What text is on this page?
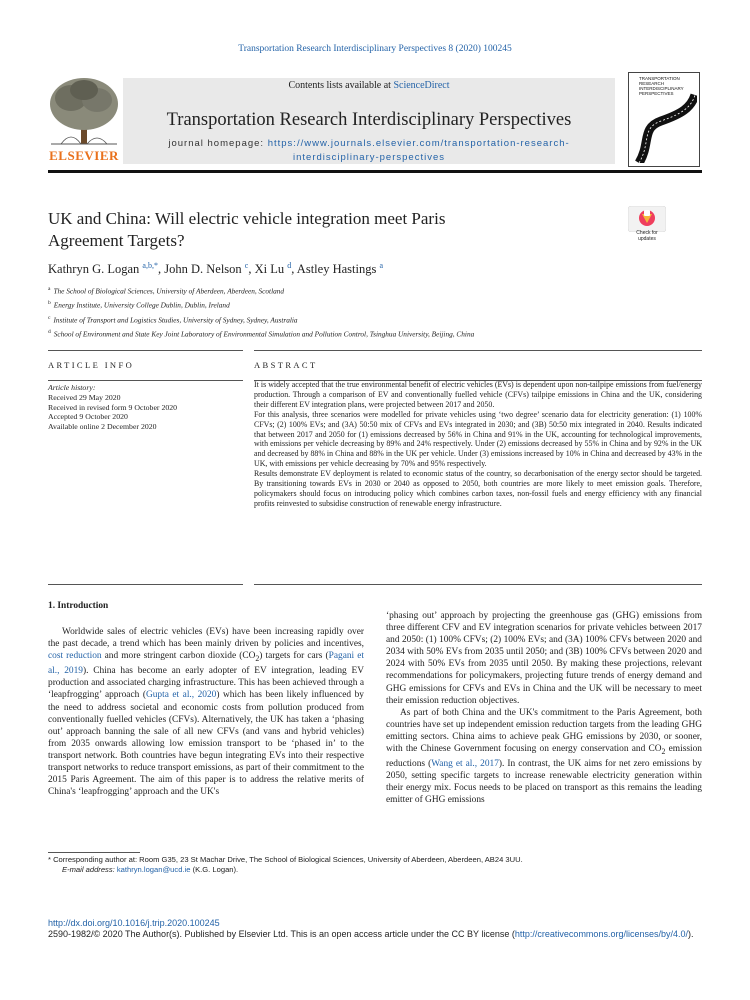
Transportation Research Interdisciplinary Perspectives 8 (2020) 100245
ELSEVIER
Contents lists available at ScienceDirect
Transportation Research Interdisciplinary Perspectives
journal homepage: https://www.journals.elsevier.com/transportation-research-
interdisciplinary-perspectives
TRANSPORTATION RESEARCH INTERDISCIPLINARY PERSPECTIVES
UK and China: Will electric vehicle integration meet Paris
Agreement Targets?	Check for updates
Kathryn G. Logan $^{a,b,*}$, John D. Nelson $^c$, Xi Lu $^d$, Astley Hastings $^a$
$^a$ The School of Biological Sciences, University of Aberdeen, Aberdeen, Scotland
$^b$ Energy Institute, University College Dublin, Dublin, Ireland
$^c$ Institute of Transport and Logistics Studies, University of Sydney, Sydney, Australia
$^d$ School of Environment and State Key Joint Laboratory of Environmental Simulation and Pollution Control, Tsinghua University, Beijing, China
ARTICLE INFO	ABSTRACT
Article history:
Received 29 May 2020
Received in revised form 9 October 2020
Accepted 9 October 2020
Available online 2 December 2020

It is widely accepted that the true environmental benefit of electric vehicles (EVs) is dependent upon non-tailpipe emissions from fuel/energy production. Through a comparison of EV and conventionally fuelled vehicle (CFVs) tailpipe emissions in China and the UK, considering their different EV integration plans, were projected between 2017 and 2050.

For this analysis, three scenarios were modelled for private vehicles using ‘two degree’ scenario data for electricity generation: (1) 100% CFVs; (2) 100% EVs; and (3A) 50:50 mix of CFVs and EVs integrated in 2030; and (3B) 50:50 mix integrated in 2040. Results indicated that between 2017 and 2050 for (1) emissions decreased by 56% in China and 91% in the UK, accounting for technological improvements, with emissions per vehicle decreasing by 89% and 24% respectively. Under (2) emissions decreased by 55% in China and by 92% in the UK and decreased by 88% in China and 88% in the UK per vehicle. Under (3) emissions increased by 10% in China and decreased by 43% in the UK, with emissions per vehicle decreasing by 70% and 95% respectively.

Results demonstrate EV deployment is related to economic status of the country, so decarbonisation of the energy sector should be targeted. By transitioning towards EVs in 2030 or 2040 as opposed to 2050, both countries are more likely to meet emission goals. Therefore, policymakers should focus on introducing policy which combines carbon taxes, non-fossil fuels and energy efficiency with any financial profits reinvested to subsidise construction of renewable energy infrastructure.

1. Introduction

Worldwide sales of electric vehicles (EVs) have been increasing rapidly over the past decade, a trend which has been mainly driven by policies and incentives, cost reduction and more stringent carbon dioxide $(CO_2)$ targets for cars (Pagani et al., 2019). China has become an early adopter of EV integration, leading EV production and associated charging infrastructure. This has been achieved through a ‘leapfrogging’ approach (Gupta et al., 2020) which has been likely influenced by the need to address societal and economic costs from pollution produced from conventionally fuelled vehicles (CFVs). Alternatively, the UK has taken a ‘phasing out’ approach banning the sale of all new CFVs (and vans and hybrid vehicles) from 2035 onwards allowing low emission transport to be ‘phased in’ to the transport network. Both countries have begun integrating EVs into their respective transport networks to reduce transport emissions, as part of their commitment to the 2015 Paris Agreement. The aim of this paper is to address the relative merits of China's ‘leapfrogging’ approach and the UK's

‘phasing out’ approach by projecting the greenhouse gas (GHG) emissions from three different CFV and EV integration scenarios for private vehicles between 2017 and 2050: (1) 100% CFVs; (2) 100% EVs; and (3A) 100% CFVs between 2020 and 2034 with 50% EVs from 2035 until 2050; and (3B) 100% CFVs between 2020 and 2024 with 50% EVs from 2035 until 2050. By making these projections, relevant recommendations for policymakers, projecting future trends of energy demand and GHG emissions for CFVs and EVs in China and the UK will be necessary to meet their emission reduction objectives.

As part of both China and the UK's commitment to the Paris Agreement, both countries have set up independent emission reduction targets from the leading GHG emitting sectors. China aims to achieve peak GHG emissions by 2030, or sooner, with the Chinese Government focusing on energy conservation and $CO_2$ emission reductions (Wang et al., 2017). In contrast, the UK aims for net zero emissions by 2050, setting specific targets to increase renewable electricity generation within their energy mix. Focus needs to be placed on transport as this remains the leading emitter of GHG emissions

* Corresponding author at: Room G35, 23 St Machar Drive, The School of Biological Sciences, University of Aberdeen, Aberdeen, AB24 3UU.
E-mail address: kathryn.logan@ucd.ie (K.G. Logan).
http://dx.doi.org/10.1016/j.trip.2020.100245
2590-1982/© 2020 The Author(s). Published by Elsevier Ltd. This is an open access article under the CC BY license (http://creativecommons.org/licenses/by/4.0/).
